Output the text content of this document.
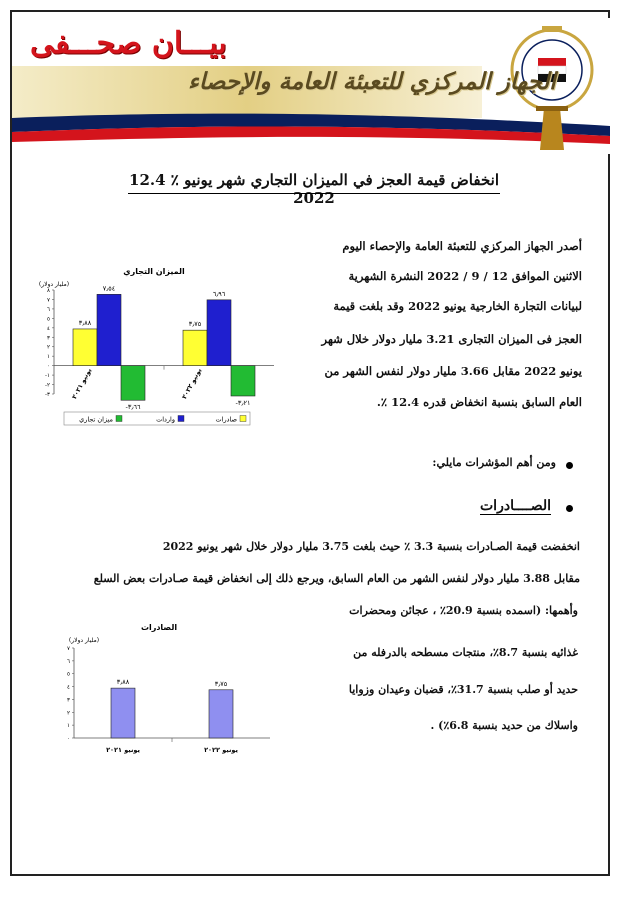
بيـــان صحـــفى
الجهاز المركزي للتعبئة العامة والإحصاء
12.4 ٪ انخفاض قيمة العجز في الميزان التجاري شهر يونيو 2022
أصدر الجهاز المركزي للتعبئة العامة والإحصاء اليوم
الاثنين الموافق 12 / 9 / 2022 النشرة الشهرية
لبيانات التجارة الخارجية يونيو 2022 وقد بلغت قيمة
العجز فى الميزان التجارى 3.21 مليار دولار خلال شهر
يونيو 2022 مقابل 3.66 مليار دولار لنفس الشهر من
العام السابق بنسبة انخفاض قدره 12.4 ٪.
الميزان التجاري
(مليار دولار)
٨
٧
٦
٥
٤
٣
٢
١
٠
-١
-٢
-٣
٣٫٨٨
٧٫٥٤
-٣٫٦٦
يونيو ٢٠٢١
٣٫٧٥
٦٫٩٦
-٣٫٢١
يونيو ٢٠٢٢
صادرات
واردات
ميزان تجاري
ومن أهم المؤشرات مايلي:
الصــــادرات
انخفضت قيمة الصـادرات بنسبة 3.3 ٪ حيث بلغت 3.75 مليار دولار خلال شهر يونيو 2022
مقابل 3.88 مليار دولار لنفس الشهر من العام السابق، ويرجع ذلك إلى انخفاض قيمة صـادرات بعض السلع
وأهمها: (اسمده بنسبة 20.9٪ ، عجائن ومحضرات
غذائيه بنسبة 8.7٪، منتجات مسطحه بالدرفله من
حديد أو صلب بنسبة 31.7٪، قضبان وعيدان وزوايا
واسلاك من حديد بنسبة 6.8٪) .
الصادرات
(مليار دولار)
٧
٦
٥
٤
٣
٢
١
٠
٣٫٨٨
يونيو ٢٠٢١
٣٫٧٥
يونيو ٢٠٢٢
